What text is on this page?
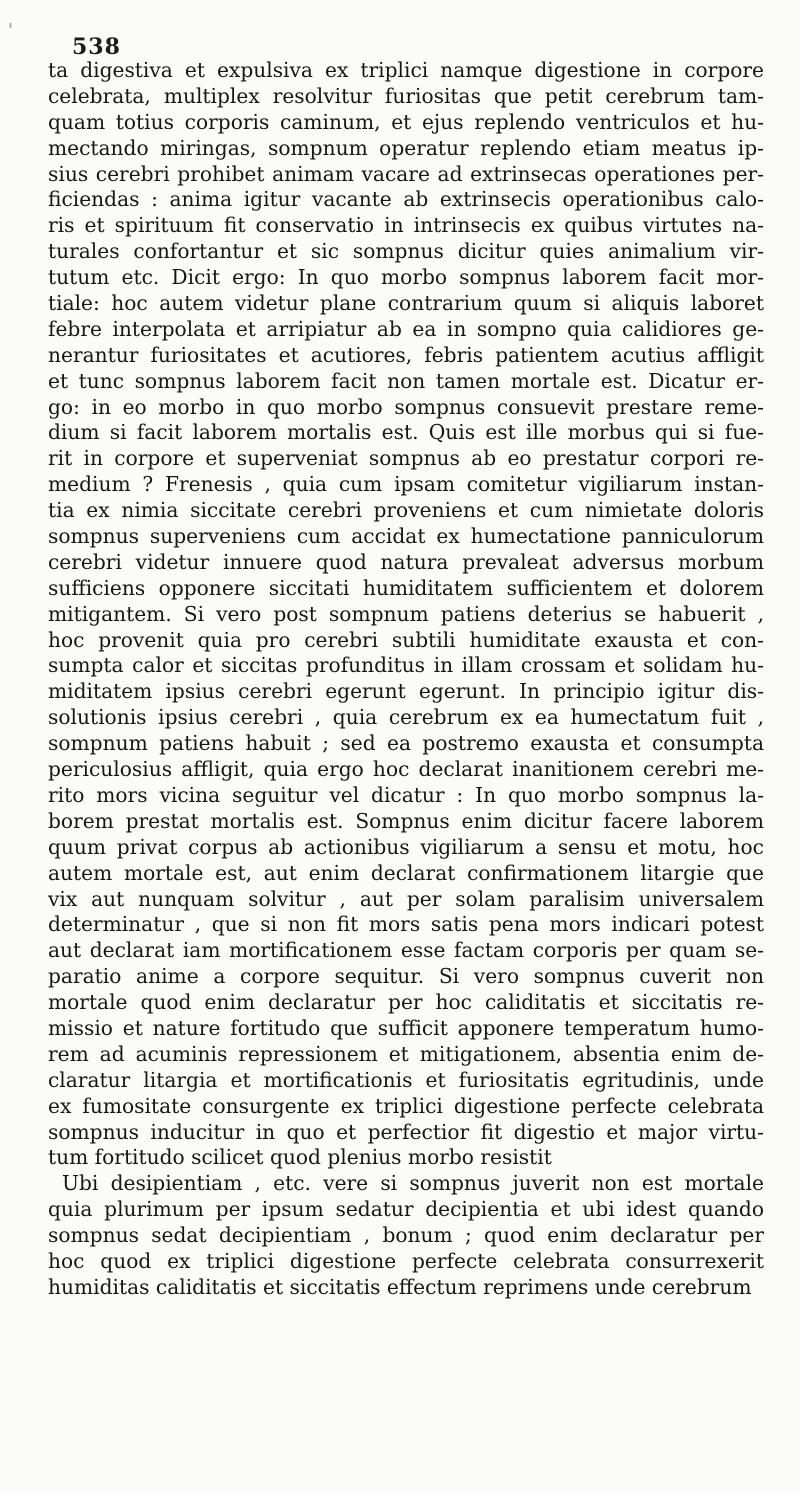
538
'
ta digestiva et expulsiva ex triplici namque digestione in corpore
celebrata, multiplex resolvitur furiositas que petit cerebrum tam-
quam totius corporis caminum, et ejus replendo ventriculos et hu-
mectando miringas, sompnum operatur replendo etiam meatus ip-
sius cerebri prohibet animam vacare ad extrinsecas operationes per-
ficiendas : anima igitur vacante ab extrinsecis operationibus calo-
ris et spirituum fit conservatio in intrinsecis ex quibus virtutes na-
turales confortantur et sic sompnus dicitur quies animalium vir-
tutum etc. Dicit ergo: In quo morbo sompnus laborem facit mor-
tiale: hoc autem videtur plane contrarium quum si aliquis laboret
febre interpolata et arripiatur ab ea in sompno quia calidiores ge-
nerantur furiositates et acutiores, febris patientem acutius affligit
et tunc sompnus laborem facit non tamen mortale est. Dicatur er-
go: in eo morbo in quo morbo sompnus consuevit prestare reme-
dium si facit laborem mortalis est. Quis est ille morbus qui si fue-
rit in corpore et superveniat sompnus ab eo prestatur corpori re-
medium ? Frenesis , quia cum ipsam comitetur vigiliarum instan-
tia ex nimia siccitate cerebri proveniens et cum nimietate doloris
sompnus superveniens cum accidat ex humectatione panniculorum
cerebri videtur innuere quod natura prevaleat adversus morbum
sufficiens opponere siccitati humiditatem sufficientem et dolorem
mitigantem. Si vero post sompnum patiens deterius se habuerit ,
hoc provenit quia pro cerebri subtili humiditate exausta et con-
sumpta calor et siccitas profunditus in illam crossam et solidam hu-
miditatem ipsius cerebri egerunt egerunt. In principio igitur dis-
solutionis ipsius cerebri , quia cerebrum ex ea humectatum fuit ,
sompnum patiens habuit ; sed ea postremo exausta et consumpta
periculosius affligit, quia ergo hoc declarat inanitionem cerebri me-
rito mors vicina seguitur vel dicatur : In quo morbo sompnus la-
borem prestat mortalis est. Sompnus enim dicitur facere laborem
quum privat corpus ab actionibus vigiliarum a sensu et motu, hoc
autem mortale est, aut enim declarat confirmationem litargie que
vix aut nunquam solvitur , aut per solam paralisim universalem
determinatur , que si non fit mors satis pena mors indicari potest
aut declarat iam mortificationem esse factam corporis per quam se-
paratio anime a corpore sequitur. Si vero sompnus cuverit non
mortale quod enim declaratur per hoc caliditatis et siccitatis re-
missio et nature fortitudo que sufficit apponere temperatum humo-
rem ad acuminis repressionem et mitigationem, absentia enim de-
claratur litargia et mortificationis et furiositatis egritudinis, unde
ex fumositate consurgente ex triplici digestione perfecte celebrata
sompnus inducitur in quo et perfectior fit digestio et major virtu-
tum fortitudo scilicet quod plenius morbo resistit
Ubi desipientiam , etc. vere si sompnus juverit non est mortale
quia plurimum per ipsum sedatur decipientia et ubi idest quando
sompnus sedat decipientiam , bonum ; quod enim declaratur per
hoc quod ex triplici digestione perfecte celebrata consurrexerit
humiditas caliditatis et siccitatis effectum reprimens unde cerebrum
